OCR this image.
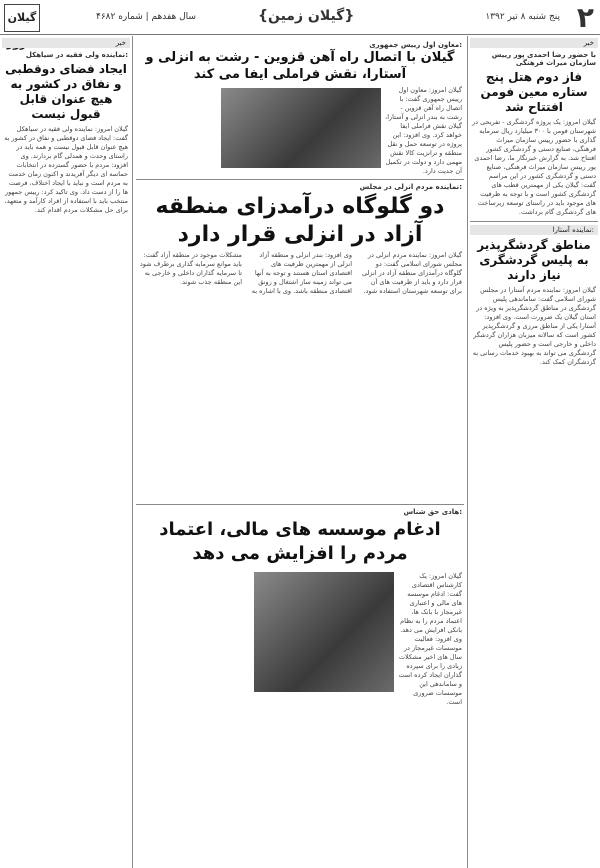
۲
پنج شنبه ۸ تیر ۱۳۹۲
{گیلان زمین}
سال هفدهم | شماره ۴۶۸۲
گیلان
خبر
با حضور رضا احمدی پور رییس سازمان میراث فرهنگی
فاز دوم هتل پنج ستاره معین فومن افتتاح شد
گیلان امروز: یک پروژه گردشگری - تفریحی در شهرستان فومن با ۳۰۰ میلیارد ریال سرمایه گذاری با حضور رییس سازمان میراث فرهنگی، صنایع دستی و گردشگری کشور افتتاح شد. به گزارش خبرنگار ما، رضا احمدی پور رییس سازمان میراث فرهنگی، صنایع دستی و گردشگری کشور در این مراسم گفت: گیلان یکی از مهمترین قطب های گردشگری کشور است و با توجه به ظرفیت های موجود باید در راستای توسعه زیرساخت های گردشگری گام برداشت.
نماینده آستارا:
مناطق گردشگرپذیر به پلیس گردشگری نیاز دارند
گیلان امروز: نماینده مردم آستارا در مجلس شورای اسلامی گفت: ساماندهی پلیس گردشگری در مناطق گردشگرپذیر به ویژه در استان گیلان یک ضرورت است. وی افزود: آستارا یکی از مناطق مرزی و گردشگرپذیر کشور است که سالانه میزبان هزاران گردشگر داخلی و خارجی است و حضور پلیس گردشگری می تواند به بهبود خدمات رسانی به گردشگران کمک کند.
خبر
نماینده ولی فقیه در سیاهکل:
ایجاد فضای دوقطبی و نفاق در کشور به هیچ عنوان قابل قبول نیست
گیلان امروز: نماینده ولی فقیه در سیاهکل گفت: ایجاد فضای دوقطبی و نفاق در کشور به هیچ عنوان قابل قبول نیست و همه باید در راستای وحدت و همدلی گام بردارند. وی افزود: مردم با حضور گسترده در انتخابات حماسه ای دیگر آفریدند و اکنون زمان خدمت به مردم است و نباید با ایجاد اختلاف، فرصت ها را از دست داد. وی تاکید کرد: رییس جمهور منتخب باید با استفاده از افراد کارآمد و متعهد، برای حل مشکلات مردم اقدام کند.
معاون اول رییس جمهوری:
گیلان با اتصال راه آهن قزوین - رشت به انزلی و آستارا، نقش فراملی ایفا می کند
گیلان امروز: معاون اول رییس جمهوری گفت: با اتصال راه آهن قزوین - رشت به بندر انزلی و آستارا، گیلان نقش فراملی ایفا خواهد کرد. وی افزود: این پروژه در توسعه حمل و نقل منطقه و ترانزیت کالا نقش مهمی دارد و دولت در تکمیل آن جدیت دارد.
نماینده مردم انزلی در مجلس:
دو گلوگاه درآمدزای منطقه آزاد در انزلی قرار دارد
گیلان امروز: نماینده مردم انزلی در مجلس شورای اسلامی گفت: دو گلوگاه درآمدزای منطقه آزاد در انزلی قرار دارد و باید از ظرفیت های آن برای توسعه شهرستان استفاده شود. وی افزود: بندر انزلی و منطقه آزاد انزلی از مهمترین ظرفیت های اقتصادی استان هستند و توجه به آنها می تواند زمینه ساز اشتغال و رونق اقتصادی منطقه باشد. وی با اشاره به مشکلات موجود در منطقه آزاد گفت: باید موانع سرمایه گذاری برطرف شود تا سرمایه گذاران داخلی و خارجی به این منطقه جذب شوند.
هادی حق شناس:
ادغام موسسه های مالی، اعتماد مردم را افزایش می دهد
گیلان امروز: یک کارشناس اقتصادی گفت: ادغام موسسه های مالی و اعتباری غیرمجاز با بانک ها، اعتماد مردم را به نظام بانکی افزایش می دهد. وی افزود: فعالیت موسسات غیرمجاز در سال های اخیر مشکلات زیادی را برای سپرده گذاران ایجاد کرده است و ساماندهی این موسسات ضروری است.
